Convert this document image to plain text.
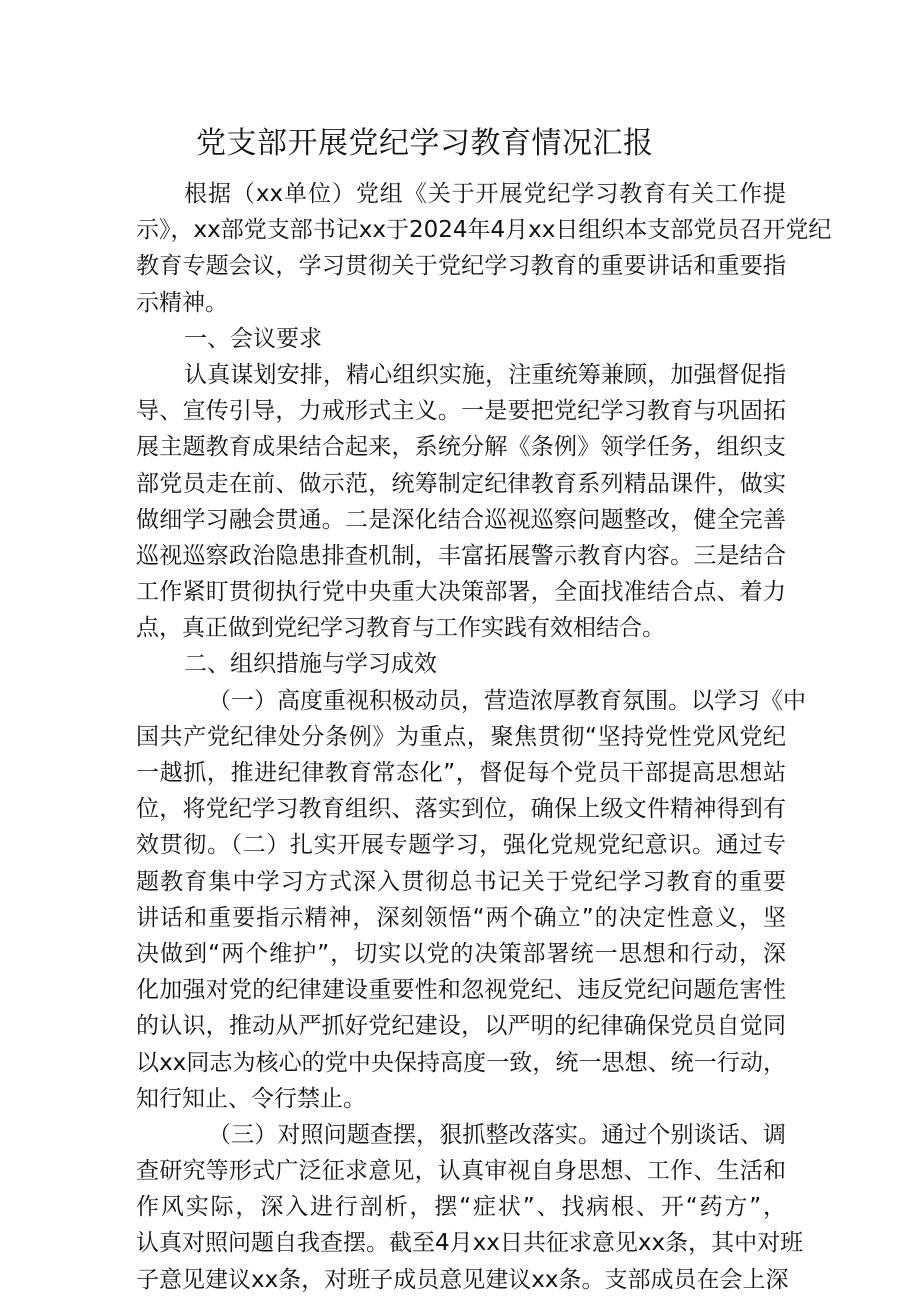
党支部开展党纪学习教育情况汇报
根据（xx单位）党组《关于开展党纪学习教育有关工作提
示》，xx部党支部书记xx于2024年4月xx日组织本支部党员召开党纪
教育专题会议，学习贯彻关于党纪学习教育的重要讲话和重要指
示精神。
一、会议要求
认真谋划安排，精心组织实施，注重统筹兼顾，加强督促指
导、宣传引导，力戒形式主义。一是要把党纪学习教育与巩固拓
展主题教育成果结合起来，系统分解《条例》领学任务，组织支
部党员走在前、做示范，统筹制定纪律教育系列精品课件，做实
做细学习融会贯通。二是深化结合巡视巡察问题整改，健全完善
巡视巡察政治隐患排查机制，丰富拓展警示教育内容。三是结合
工作紧盯贯彻执行党中央重大决策部署，全面找准结合点、着力
点，真正做到党纪学习教育与工作实践有效相结合。
二、组织措施与学习成效
（一）高度重视积极动员，营造浓厚教育氛围。以学习《中
国共产党纪律处分条例》为重点，聚焦贯彻“坚持党性党风党纪
一越抓，推进纪律教育常态化”，督促每个党员干部提高思想站
位，将党纪学习教育组织、落实到位，确保上级文件精神得到有
效贯彻。（二）扎实开展专题学习，强化党规党纪意识。通过专
题教育集中学习方式深入贯彻总书记关于党纪学习教育的重要
讲话和重要指示精神，深刻领悟“两个确立”的决定性意义，坚
决做到“两个维护”，切实以党的决策部署统一思想和行动，深
化加强对党的纪律建设重要性和忽视党纪、违反党纪问题危害性
的认识，推动从严抓好党纪建设，以严明的纪律确保党员自觉同
以xx同志为核心的党中央保持高度一致，统一思想、统一行动，
知行知止、令行禁止。
（三）对照问题查摆，狠抓整改落实。通过个别谈话、调
查研究等形式广泛征求意见，认真审视自身思想、工作、生活和
作风实际，深入进行剖析，摆“症状”、找病根、开“药方”，
认真对照问题自我查摆。截至4月xx日共征求意见xx条，其中对班
子意见建议xx条，对班子成员意见建议xx条。支部成员在会上深
